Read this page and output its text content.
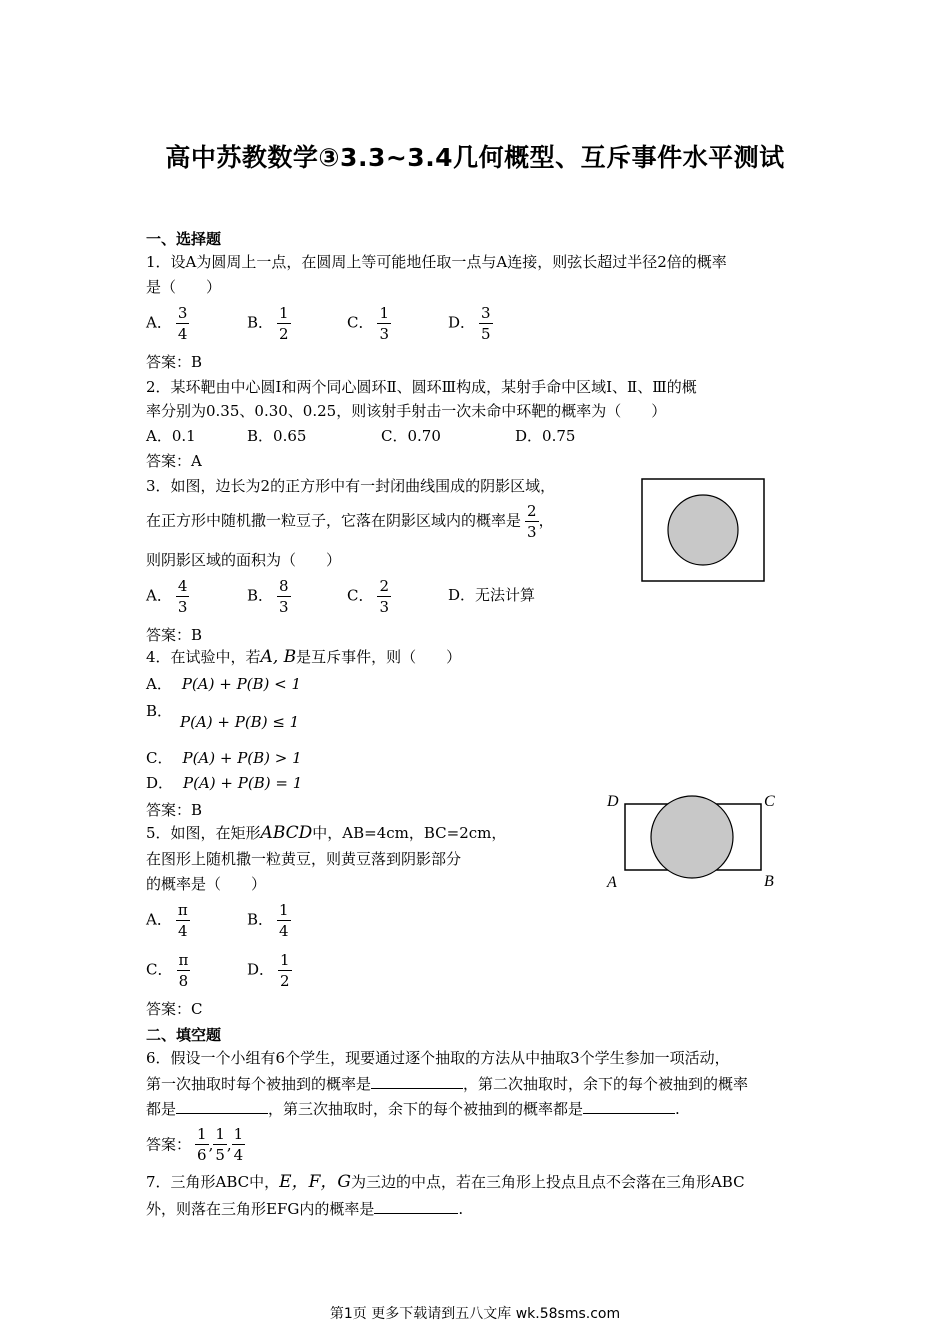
高中苏教数学③3.3~3.4几何概型、互斥事件水平测试
一、选择题
1．设A为圆周上一点，在圆周上等可能地任取一点与A连接，则弦长超过半径2倍的概率
是（　　）
A． $\frac{3}{4}$	B． $\frac{1}{2}$	C． $\frac{1}{3}$	D． $\frac{3}{5}$
答案：B
2．某环靶由中心圆Ⅰ和两个同心圆环Ⅱ、圆环Ⅲ构成，某射手命中区域Ⅰ、Ⅱ、Ⅲ的概
率分别为0.35、0.30、0.25，则该射手射击一次未命中环靶的概率为（　　）
A．0.1	B．0.65	C．0.70	D．0.75
答案：A
3．如图，边长为2的正方形中有一封闭曲线围成的阴影区域，
在正方形中随机撒一粒豆子，它落在阴影区域内的概率是 $\frac{2}{3}$ ，
则阴影区域的面积为（　　）
A． $\frac{4}{3}$	B． $\frac{8}{3}$	C． $\frac{2}{3}$	D．无法计算
答案：B
4．在试验中，若A, B是互斥事件，则（　　）
A． P(A) + P(B) < 1
B．
P(A) + P(B) ≤ 1
C． P(A) + P(B) > 1
D． P(A) + P(B) = 1
答案：B
5．如图，在矩形ABCD中，AB=4cm，BC=2cm，
在图形上随机撒一粒黄豆，则黄豆落到阴影部分
的概率是（　　）
A． $\frac{\pi}{4}$	B． $\frac{1}{4}$
C． $\frac{\pi}{8}$	D． $\frac{1}{2}$
答案：C
D	C
A	B
二、填空题
6．假设一个小组有6个学生，现要通过逐个抽取的方法从中抽取3个学生参加一项活动，
第一次抽取时每个被抽到的概率是	，第二次抽取时，余下的每个被抽到的概率
都是	，第三次抽取时，余下的每个被抽到的概率都是	.
答案： $\frac{1}{6}$ , $\frac{1}{5}$ , $\frac{1}{4}$
7．三角形ABC中，E，F，G为三边的中点，若在三角形上投点且点不会落在三角形ABC
外，则落在三角形EFG内的概率是	.
第1页 更多下载请到五八文库 wk.58sms.com
